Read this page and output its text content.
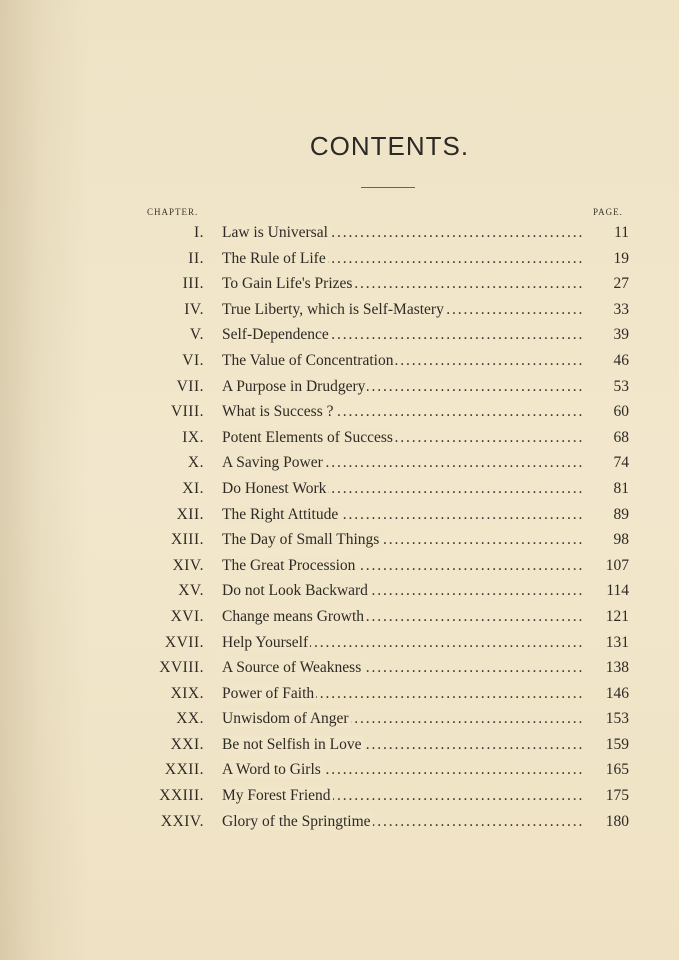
CONTENTS.
CHAPTER.	PAGE.
I. Law is Universal . . .	11
II. The Rule of Life . . .	19
III. To Gain Life's Prizes . . .	27
IV. True Liberty, which is Self-Mastery . . .	33
V. Self-Dependence . . .	39
VI. The Value of Concentration . . .	46
VII. A Purpose in Drudgery . . .	53
VIII. What is Success ? . . .	60
IX. Potent Elements of Success . . .	68
X. A Saving Power . . .	74
XI. Do Honest Work . . .	81
XII. The Right Attitude . . .	89
XIII. The Day of Small Things . . .	98
XIV. The Great Procession . . .	107
XV. Do not Look Backward . . .	114
XVI. Change means Growth . . .	121
XVII. Help Yourself . . .	131
XVIII. A Source of Weakness . . .	138
XIX. Power of Faith . . .	146
XX. Unwisdom of Anger . . .	153
XXI. Be not Selfish in Love . . .	159
XXII. A Word to Girls . . .	165
XXIII. My Forest Friend . . .	175
XXIV. Glory of the Springtime . . .	180
